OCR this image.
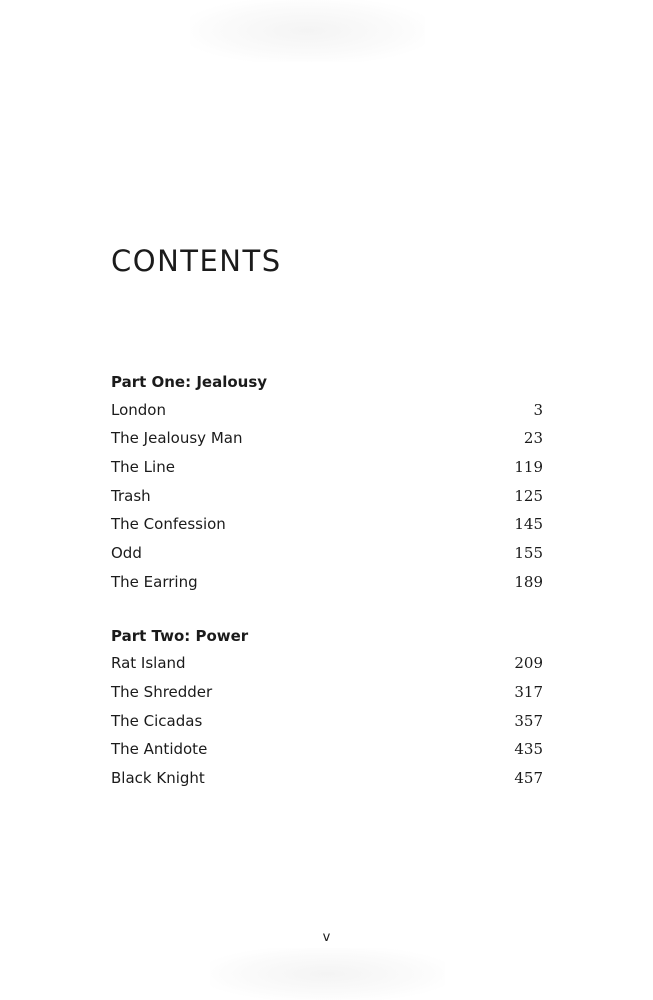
CONTENTS
Part One: Jealousy
London	3
The Jealousy Man	23
The Line	119
Trash	125
The Confession	145
Odd	155
The Earring	189
Part Two: Power
Rat Island	209
The Shredder	317
The Cicadas	357
The Antidote	435
Black Knight	457
v
